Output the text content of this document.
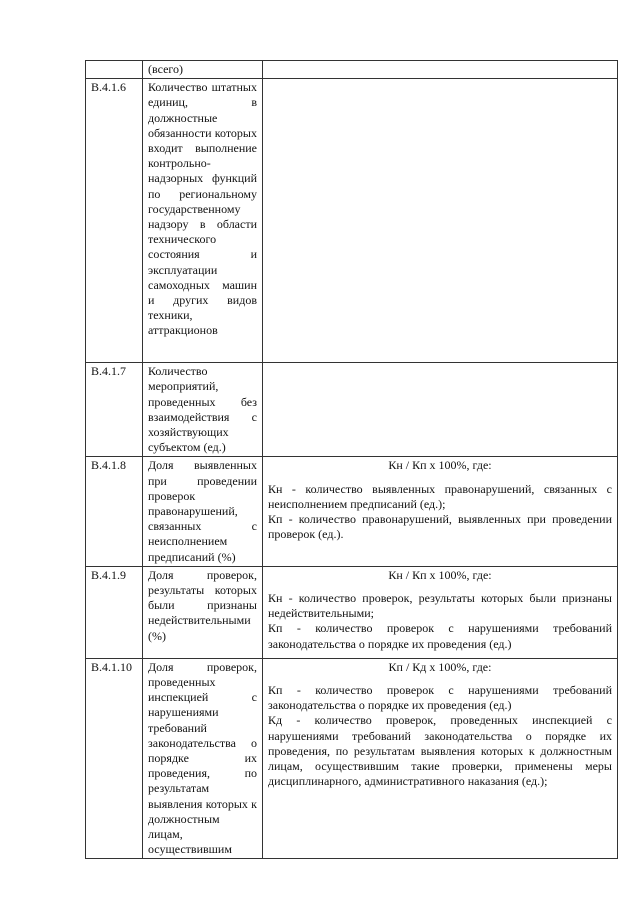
	(всего)	
В.4.1.6	Количество штатных единиц, в должностные обязанности которых входит выполнение контрольно-надзорных функций по региональному государственному надзору в области технического состояния и эксплуатации самоходных машин и других видов техники, аттракционов	
В.4.1.7	Количество мероприятий, проведенных без взаимодействия с хозяйствующих субъектом (ед.)	
В.4.1.8	Доля выявленных при проведении проверок правонарушений, связанных с неисполнением предписаний (%)	Кн / Кп х 100%, где:
Кн - количество выявленных правонарушений, связанных с неисполнением предписаний (ед.);
Кп - количество правонарушений, выявленных при проведении проверок (ед.).

В.4.1.9	Доля проверок, результаты которых были признаны недействительными (%)	Кн / Кп х 100%, где:
Кн - количество проверок, результаты которых были признаны недействительными;
Кп - количество проверок с нарушениями требований законодательства о порядке их проведения (ед.)

В.4.1.10	Доля проверок, проведенных инспекцией с нарушениями требований законодательства о порядке их проведения, по результатам выявления которых к должностным лицам, осуществившим	Кп / Кд х 100%, где:
Кп - количество проверок с нарушениями требований законодательства о порядке их проведения (ед.)
Кд - количество проверок, проведенных инспекцией с нарушениями требований законодательства о порядке их проведения, по результатам выявления которых к должностным лицам, осуществившим такие проверки, применены меры дисциплинарного, административного наказания (ед.);
